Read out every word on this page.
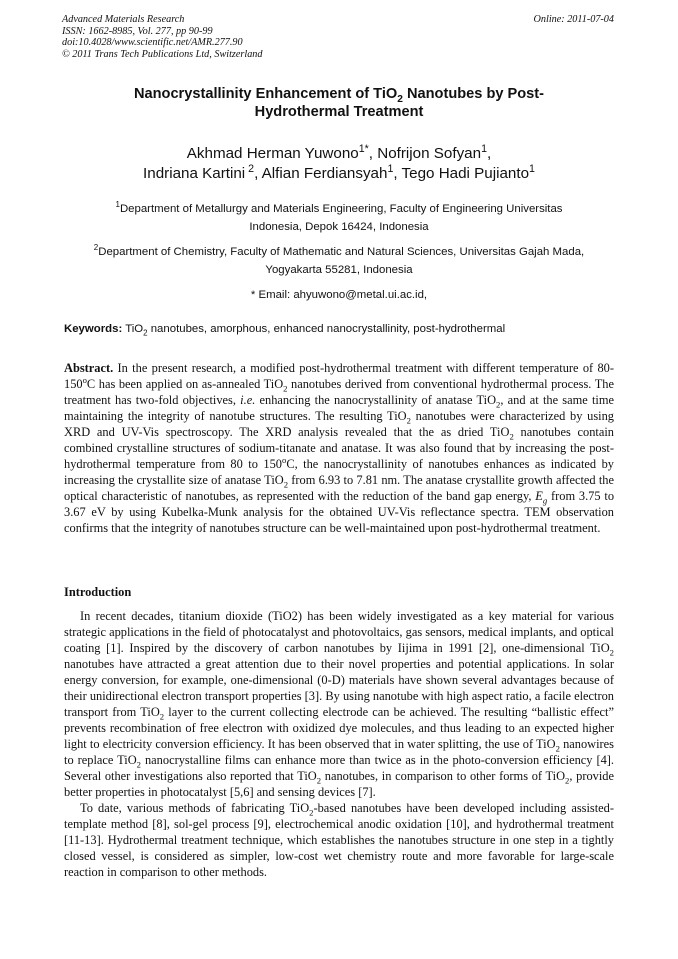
Advanced Materials Research
ISSN: 1662-8985, Vol. 277, pp 90-99
doi:10.4028/www.scientific.net/AMR.277.90
© 2011 Trans Tech Publications Ltd, Switzerland
Online: 2011-07-04
Nanocrystallinity Enhancement of TiO$_2$ Nanotubes by Post-
Hydrothermal Treatment
Akhmad Herman Yuwono$^{1*}$, Nofrijon Sofyan$^1$,
Indriana Kartini $^2$, Alfian Ferdiansyah$^1$, Tego Hadi Pujianto$^1$
$^1$Department of Metallurgy and Materials Engineering, Faculty of Engineering Universitas
Indonesia, Depok 16424, Indonesia
$^2$Department of Chemistry, Faculty of Mathematic and Natural Sciences, Universitas Gajah Mada,
Yogyakarta 55281, Indonesia
* Email: ahyuwono@metal.ui.ac.id,
Keywords: TiO$_2$ nanotubes, amorphous, enhanced nanocrystallinity, post-hydrothermal
Abstract. In the present research, a modified post-hydrothermal treatment with different temperature of 80-150$^o$C has been applied on as-annealed TiO$_2$ nanotubes derived from conventional hydrothermal process. The treatment has two-fold objectives, i.e. enhancing the nanocrystallinity of anatase TiO$_2$, and at the same time maintaining the integrity of nanotube structures. The resulting TiO$_2$ nanotubes were characterized by using XRD and UV-Vis spectroscopy. The XRD analysis revealed that the as dried TiO$_2$ nanotubes contain combined crystalline structures of sodium-titanate and anatase. It was also found that by increasing the post-hydrothermal temperature from 80 to 150$^o$C, the nanocrystallinity of nanotubes enhances as indicated by increasing the crystallite size of anatase TiO$_2$ from 6.93 to 7.81 nm. The anatase crystallite growth affected the optical characteristic of nanotubes, as represented with the reduction of the band gap energy, $E_g$ from 3.75 to 3.67 eV by using Kubelka-Munk analysis for the obtained UV-Vis reflectance spectra. TEM observation confirms that the integrity of nanotubes structure can be well-maintained upon post-hydrothermal treatment.
Introduction

In recent decades, titanium dioxide (TiO2) has been widely investigated as a key material for various strategic applications in the field of photocatalyst and photovoltaics, gas sensors, medical implants, and optical coating [1]. Inspired by the discovery of carbon nanotubes by Iijima in 1991 [2], one-dimensional TiO$_2$ nanotubes have attracted a great attention due to their novel properties and potential applications. In solar energy conversion, for example, one-dimensional (0-D) materials have shown several advantages because of their unidirectional electron transport properties [3]. By using nanotube with high aspect ratio, a facile electron transport from TiO$_2$ layer to the current collecting electrode can be achieved. The resulting “ballistic effect” prevents recombination of free electron with oxidized dye molecules, and thus leading to an expected higher light to electricity conversion efficiency. It has been observed that in water splitting, the use of TiO$_2$ nanowires to replace TiO$_2$ nanocrystalline films can enhance more than twice as in the photo-conversion efficiency [4]. Several other investigations also reported that TiO$_2$ nanotubes, in comparison to other forms of TiO$_2$, provide better properties in photocatalyst [5,6] and sensing devices [7].

To date, various methods of fabricating TiO$_2$-based nanotubes have been developed including assisted-template method [8], sol-gel process [9], electrochemical anodic oxidation [10], and hydrothermal treatment [11-13]. Hydrothermal treatment technique, which establishes the nanotubes structure in one step in a tightly closed vessel, is considered as simpler, low-cost wet chemistry route and more favorable for large-scale reaction in comparison to other methods.
